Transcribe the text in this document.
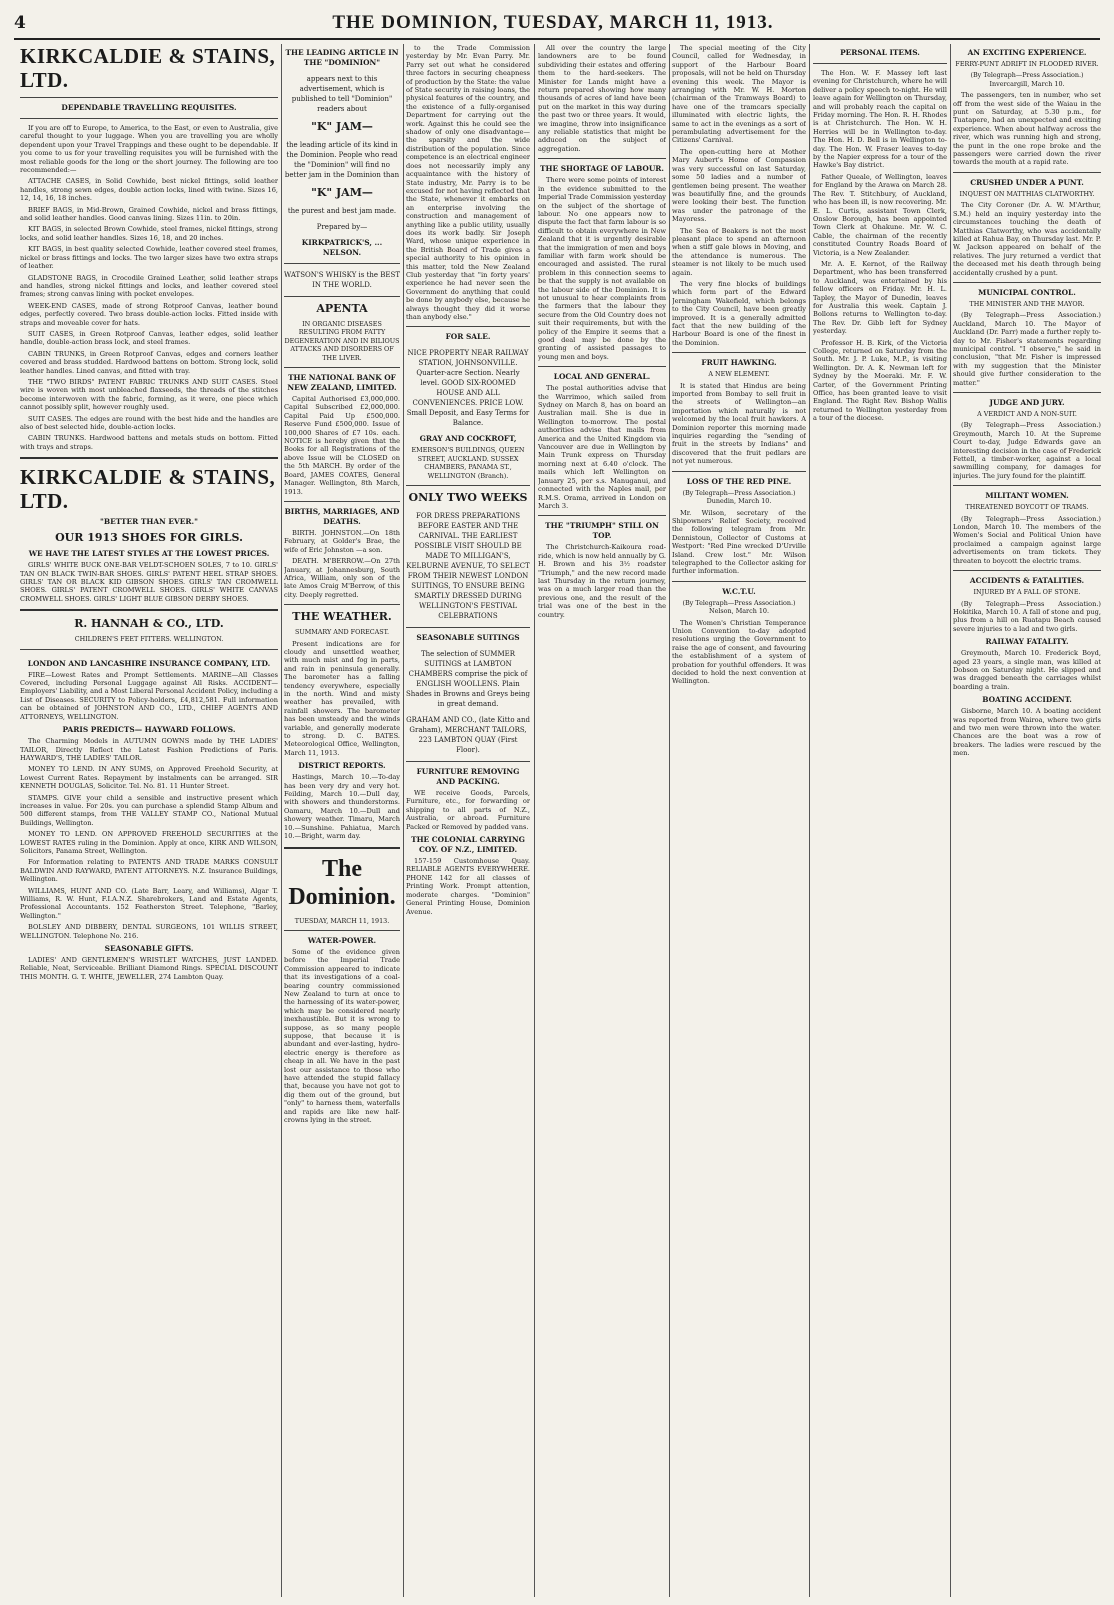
4	THE DOMINION, TUESDAY, MARCH 11, 1913.
KIRKCALDIE & STAINS, LTD.
DEPENDABLE TRAVELLING REQUISITES.

If you are off to Europe, to America, to the East, or even to Australia, give careful thought to your luggage. When you are travelling you are wholly dependent upon your Travel Trappings and these ought to be dependable. If you come to us for your travelling requisites you will be furnished with the most reliable goods for the long or the short journey. The following are too recommended:—

ATTACHE CASES, in Solid Cowhide, best nickel fittings, solid leather handles, strong sewn edges, double action locks, lined with twine. Sizes 16, 12, 14, 16, 18 inches.

BRIEF BAGS, in Mid-Brown, Grained Cowhide, nickel and brass fittings, and solid leather handles. Good canvas lining. Sizes 11in. to 20in.

KIT BAGS, in selected Brown Cowhide, steel frames, nickel fittings, strong locks, and solid leather handles. Sizes 16, 18, and 20 inches.

KIT BAGS, in best quality selected Cowhide, leather covered steel frames, nickel or brass fittings and locks. The two larger sizes have two extra straps of leather.

GLADSTONE BAGS, in Crocodile Grained Leather, solid leather straps and handles, strong nickel fittings and locks, and leather covered steel frames; strong canvas lining with pocket envelopes.

WEEK-END CASES, made of strong Rotproof Canvas, leather bound edges, perfectly covered. Two brass double-action locks. Fitted inside with straps and moveable cover for hats.

SUIT CASES, in Green Rotproof Canvas, leather edges, solid leather handle, double-action brass lock, and steel frames.

CABIN TRUNKS, in Green Rotproof Canvas, edges and corners leather covered and brass studded. Hardwood battens on bottom. Strong lock, solid leather handles. Lined canvas, and fitted with tray.

THE "TWO BIRDS" PATENT FABRIC TRUNKS AND SUIT CASES. Steel wire is woven with most unbleached flaxseeds, the threads of the stitches become interwoven with the fabric, forming, as it were, one piece which cannot possibly split, however roughly used.

SUIT CASES. The edges are round with the best hide and the handles are also of best selected hide, double-action locks.

CABIN TRUNKS. Hardwood battens and metals studs on bottom. Fitted with trays and straps.

KIRKCALDIE & STAINS, LTD.
"BETTER THAN EVER."
OUR 1913 SHOES FOR GIRLS.
WE HAVE THE LATEST STYLES AT THE LOWEST PRICES.

GIRLS' WHITE BUCK ONE-BAR VELDT-SCHOEN SOLES, 7 to 10. GIRLS' TAN ON BLACK TWIN-BAR SHOES. GIRLS' PATENT HEEL STRAP SHOES. GIRLS' TAN OR BLACK KID GIBSON SHOES. GIRLS' TAN CROMWELL SHOES. GIRLS' PATENT CROMWELL SHOES. GIRLS' WHITE CANVAS CROMWELL SHOES. GIRLS' LIGHT BLUE GIBSON DERBY SHOES.

R. HANNAH & CO., LTD.
CHILDREN'S FEET FITTERS. WELLINGTON.
LONDON AND LANCASHIRE INSURANCE COMPANY, LTD.

FIRE—Lowest Rates and Prompt Settlements. MARINE—All Classes Covered, including Personal Luggage against All Risks. ACCIDENT—Employers' Liability, and a Most Liberal Personal Accident Policy, including a List of Diseases. SECURITY to Policy-holders, £4,812,581. Full information can be obtained of JOHNSTON AND CO., LTD., CHIEF AGENTS AND ATTORNEYS, WELLINGTON.

PARIS PREDICTS— HAYWARD FOLLOWS.

The Charming Models in AUTUMN GOWNS made by THE LADIES' TAILOR, Directly Reflect the Latest Fashion Predictions of Paris. HAYWARD'S, THE LADIES' TAILOR.

MONEY TO LEND. IN ANY SUMS, on Approved Freehold Security, at Lowest Current Rates. Repayment by instalments can be arranged. SIR KENNETH DOUGLAS, Solicitor. Tel. No. 81. 11 Hunter Street.

STAMPS. GIVE your child a sensible and instructive present which increases in value. For 20s. you can purchase a splendid Stamp Album and 500 different stamps, from THE VALLEY STAMP CO., National Mutual Buildings, Wellington.

MONEY TO LEND. ON APPROVED FREEHOLD SECURITIES at the LOWEST RATES ruling in the Dominion. Apply at once, KIRK AND WILSON, Solicitors, Panama Street, Wellington.

For Information relating to PATENTS AND TRADE MARKS CONSULT BALDWIN AND RAYWARD, PATENT ATTORNEYS. N.Z. Insurance Buildings, Wellington.

WILLIAMS, HUNT AND CO. (Late Barr, Leary, and Williams), Algar T. Williams, R. W. Hunt, F.I.A.N.Z. Sharebrokers, Land and Estate Agents, Professional Accountants. 152 Featherston Street. Telephone, "Barley, Wellington."

BOLSLEY AND DIBBERY, DENTAL SURGEONS, 101 WILLIS STREET, WELLINGTON. Telephone No. 216.

SEASONABLE GIFTS.

LADIES' AND GENTLEMEN'S WRISTLET WATCHES, JUST LANDED. Reliable, Neat, Serviceable. Brilliant Diamond Rings. SPECIAL DISCOUNT THIS MONTH. G. T. WHITE, JEWELLER, 274 Lambton Quay.

THE LEADING ARTICLE IN THE "DOMINION"
appears next to this advertisement, which is published to tell "Dominion" readers about
"K" JAM—
the leading article of its kind in the Dominion. People who read the "Dominion" will find no better jam in the Dominion than
"K" JAM—
the purest and best jam made.
Prepared by—
KIRKPATRICK'S, ... NELSON.
WATSON'S WHISKY is the BEST IN THE WORLD.
APENTA
IN ORGANIC DISEASES RESULTING FROM FATTY DEGENERATION AND IN BILIOUS ATTACKS AND DISORDERS OF THE LIVER.
THE NATIONAL BANK OF NEW ZEALAND, LIMITED.

Capital Authorised £3,000,000. Capital Subscribed £2,000,000. Capital Paid Up £500,000. Reserve Fund £500,000. Issue of 100,000 Shares of £7 10s. each. NOTICE is hereby given that the Books for all Registrations of the above Issue will be CLOSED on the 5th MARCH. By order of the Board, JAMES COATES, General Manager. Wellington, 8th March, 1913.

BIRTHS, MARRIAGES, AND DEATHS.

BIRTH. JOHNSTON.—On 18th February, at Golder's Brae, the wife of Eric Johnston —a son.

DEATH. M'BERROW.—On 27th January, at Johannesburg, South Africa, William, only son of the late Amos Craig M'Berrow, of this city. Deeply regretted.

THE WEATHER.
SUMMARY AND FORECAST.

Present indications are for cloudy and unsettled weather, with much mist and fog in parts, and rain in peninsula generally. The barometer has a falling tendency everywhere, especially in the north. Wind and misty weather has prevailed, with rainfall showers. The barometer has been unsteady and the winds variable, and generally moderate to strong. D. C. BATES. Meteorological Office, Wellington, March 11, 1913.

DISTRICT REPORTS.

Hastings, March 10.—To-day has been very dry and very hot. Feilding, March 10.—Dull day, with showers and thunderstorms. Oamaru, March 10.—Dull and showery weather. Timaru, March 10.—Sunshine. Pahiatua, March 10.—Bright, warm day.

The Dominion.
TUESDAY, MARCH 11, 1913.
WATER-POWER.

Some of the evidence given before the Imperial Trade Commission appeared to indicate that its investigations of a coal-bearing country commissioned New Zealand to turn at once to the harnessing of its water-power, which may be considered nearly inexhaustible. But it is wrong to suppose, as so many people suppose, that because it is abundant and ever-lasting, hydro-electric energy is therefore as cheap in all. We have in the past lost our assistance to those who have attended the stupid fallacy that, because you have not got to dig them out of the ground, but "only" to harness them, waterfalls and rapids are like new half-crowns lying in the street.

to the Trade Commission yesterday by Mr. Evan Parry. Mr. Parry set out what he considered three factors in securing cheapness of production by the State: the value of State security in raising loans, the physical features of the country, and the existence of a fully-organised Department for carrying out the work. Against this he could see the shadow of only one disadvantage—the sparsity and the wide distribution of the population. Since competence is an electrical engineer does not necessarily imply any acquaintance with the history of State industry, Mr. Parry is to be excused for not having reflected that the State, whenever it embarks on an enterprise involving the construction and management of anything like a public utility, usually does its work badly. Sir Joseph Ward, whose unique experience in the British Board of Trade gives a special authority to his opinion in this matter, told the New Zealand Club yesterday that "in forty years' experience he had never seen the Government do anything that could be done by anybody else, because he always thought they did it worse than anybody else."

FOR SALE.
NICE PROPERTY NEAR RAILWAY STATION, JOHNSONVILLE. Quarter-acre Section. Nearly level. GOOD SIX-ROOMED HOUSE AND ALL CONVENIENCES. PRICE LOW. Small Deposit, and Easy Terms for Balance.
GRAY AND COCKROFT,
EMERSON'S BUILDINGS, QUEEN STREET, AUCKLAND. SUSSEX CHAMBERS, PANAMA ST., WELLINGTON (Branch).
ONLY TWO WEEKS
FOR DRESS PREPARATIONS BEFORE EASTER AND THE CARNIVAL. THE EARLIEST POSSIBLE VISIT SHOULD BE MADE TO MILLIGAN'S, KELBURNE AVENUE, TO SELECT FROM THEIR NEWEST LONDON SUITINGS, TO ENSURE BEING SMARTLY DRESSED DURING WELLINGTON'S FESTIVAL CELEBRATIONS
SEASONABLE SUITINGS
The selection of SUMMER SUITINGS at LAMBTON CHAMBERS comprise the pick of ENGLISH WOOLLENS. Plain Shades in Browns and Greys being in great demand.
GRAHAM AND CO., (late Kitto and Graham), MERCHANT TAILORS, 223 LAMBTON QUAY (First Floor).
FURNITURE REMOVING AND PACKING.

WE receive Goods, Parcels, Furniture, etc., for forwarding or shipping to all parts of N.Z., Australia, or abroad. Furniture Packed or Removed by padded vans.

THE COLONIAL CARRYING COY. OF N.Z., LIMITED.

157-159 Customhouse Quay. RELIABLE AGENTS EVERYWHERE. PHONE 142 for all classes of Printing Work. Prompt attention, moderate charges. "Dominion" General Printing House, Dominion Avenue.

All over the country the large landowners are to be found subdividing their estates and offering them to the hard-seekers. The Minister for Lands might have a return prepared showing how many thousands of acres of land have been put on the market in this way during the past two or three years. It would, we imagine, throw into insignificance any reliable statistics that might be adduced on the subject of aggregation.

THE SHORTAGE OF LABOUR.

There were some points of interest in the evidence submitted to the Imperial Trade Commission yesterday on the subject of the shortage of labour. No one appears now to dispute the fact that farm labour is so difficult to obtain everywhere in New Zealand that it is urgently desirable that the immigration of men and boys familiar with farm work should be encouraged and assisted. The rural problem in this connection seems to be that the supply is not available on the labour side of the Dominion. It is not unusual to hear complaints from the farmers that the labour they secure from the Old Country does not suit their requirements, but with the policy of the Empire it seems that a good deal may be done by the granting of assisted passages to young men and boys.

LOCAL AND GENERAL.

The postal authorities advise that the Warrimoo, which sailed from Sydney on March 8, has on board an Australian mail. She is due in Wellington to-morrow. The postal authorities advise that mails from America and the United Kingdom via Vancouver are due in Wellington by Main Trunk express on Thursday morning next at 6.40 o'clock. The mails which left Wellington on January 25, per s.s. Manuganui, and connected with the Naples mail, per R.M.S. Orama, arrived in London on March 3.

THE "TRIUMPH" STILL ON TOP.

The Christchurch-Kaikoura road-ride, which is now held annually by G. H. Brown and his 3½ roadster "Triumph," and the new record made last Thursday in the return journey, was on a much larger road than the previous one, and the result of the trial was one of the best in the country.

The special meeting of the City Council, called for Wednesday, in support of the Harbour Board proposals, will not be held on Thursday evening this week. The Mayor is arranging with Mr. W. H. Morton (chairman of the Tramways Board) to have one of the tramcars specially illuminated with electric lights, the same to act in the evenings as a sort of perambulating advertisement for the Citizens' Carnival.

The open-cutting here at Mother Mary Aubert's Home of Compassion was very successful on last Saturday, some 50 ladies and a number of gentlemen being present. The weather was beautifully fine, and the grounds were looking their best. The function was under the patronage of the Mayoress.

The Sea of Beakers is not the most pleasant place to spend an afternoon when a stiff gale blows in Moving, and the attendance is numerous. The steamer is not likely to be much used again.

The very fine blocks of buildings which form part of the Edward Jerningham Wakefield, which belongs to the City Council, have been greatly improved. It is a generally admitted fact that the new building of the Harbour Board is one of the finest in the Dominion.

FRUIT HAWKING.
A NEW ELEMENT.

It is stated that Hindus are being imported from Bombay to sell fruit in the streets of Wellington—an importation which naturally is not welcomed by the local fruit hawkers. A Dominion reporter this morning made inquiries regarding the "sending of fruit in the streets by Indians" and discovered that the fruit pedlars are not yet numerous.

LOSS OF THE RED PINE.
(By Telegraph—Press Association.) Dunedin, March 10.

Mr. Wilson, secretary of the Shipowners' Relief Society, received the following telegram from Mr. Dennistoun, Collector of Customs at Westport: "Red Pine wrecked D'Urville Island. Crew lost." Mr. Wilson telegraphed to the Collector asking for further information.

W.C.T.U.
(By Telegraph—Press Association.) Nelson, March 10.

The Women's Christian Temperance Union Convention to-day adopted resolutions urging the Government to raise the age of consent, and favouring the establishment of a system of probation for youthful offenders. It was decided to hold the next convention at Wellington.

PERSONAL ITEMS.

The Hon. W. F. Massey left last evening for Christchurch, where he will deliver a policy speech to-night. He will leave again for Wellington on Thursday, and will probably reach the capital on Friday morning. The Hon. R. H. Rhodes is at Christchurch. The Hon. W. H. Herries will be in Wellington to-day. The Hon. H. D. Bell is in Wellington to-day. The Hon. W. Fraser leaves to-day by the Napier express for a tour of the Hawke's Bay district.

Father Queale, of Wellington, leaves for England by the Arawa on March 28. The Rev. T. Stitchbury, of Auckland, who has been ill, is now recovering. Mr. E. L. Curtis, assistant Town Clerk, Onslow Borough, has been appointed Town Clerk at Ohakune. Mr. W. C. Cable, the chairman of the recently constituted Country Roads Board of Victoria, is a New Zealander.

Mr. A. E. Kernot, of the Railway Department, who has been transferred to Auckland, was entertained by his fellow officers on Friday. Mr. H. L. Tapley, the Mayor of Dunedin, leaves for Australia this week. Captain J. Bollons returns to Wellington to-day. The Rev. Dr. Gibb left for Sydney yesterday.

Professor H. B. Kirk, of the Victoria College, returned on Saturday from the South. Mr. J. P. Luke, M.P., is visiting Wellington. Dr. A. K. Newman left for Sydney by the Moeraki. Mr. F. W. Carter, of the Government Printing Office, has been granted leave to visit England. The Right Rev. Bishop Wallis returned to Wellington yesterday from a tour of the diocese.

AN EXCITING EXPERIENCE.
FERRY-PUNT ADRIFT IN FLOODED RIVER.
(By Telegraph—Press Association.) Invercargill, March 10.

The passengers, ten in number, who set off from the west side of the Waiau in the punt on Saturday, at 5.30 p.m., for Tuatapere, had an unexpected and exciting experience. When about halfway across the river, which was running high and strong, the punt in the one rope broke and the passengers were carried down the river towards the mouth at a rapid rate.

CRUSHED UNDER A PUNT.
INQUEST ON MATTHIAS CLATWORTHY.

The City Coroner (Dr. A. W. M'Arthur, S.M.) held an inquiry yesterday into the circumstances touching the death of Matthias Clatworthy, who was accidentally killed at Rahua Bay, on Thursday last. Mr. P. W. Jackson appeared on behalf of the relatives. The jury returned a verdict that the deceased met his death through being accidentally crushed by a punt.

MUNICIPAL CONTROL.
THE MINISTER AND THE MAYOR.

(By Telegraph—Press Association.) Auckland, March 10. The Mayor of Auckland (Dr. Parr) made a further reply to-day to Mr. Fisher's statements regarding municipal control. "I observe," he said in conclusion, "that Mr. Fisher is impressed with my suggestion that the Minister should give further consideration to the matter."

JUDGE AND JURY.
A VERDICT AND A NON-SUIT.

(By Telegraph—Press Association.) Greymouth, March 10. At the Supreme Court to-day, Judge Edwards gave an interesting decision in the case of Frederick Fettell, a timber-worker, against a local sawmilling company, for damages for injuries. The jury found for the plaintiff.

MILITANT WOMEN.
THREATENED BOYCOTT OF TRAMS.

(By Telegraph—Press Association.) London, March 10. The members of the Women's Social and Political Union have proclaimed a campaign against large advertisements on tram tickets. They threaten to boycott the electric trams.

ACCIDENTS & FATALITIES.
INJURED BY A FALL OF STONE.

(By Telegraph—Press Association.) Hokitika, March 10. A fall of stone and pug, plus from a hill on Ruatapu Beach caused severe injuries to a lad and two girls.

RAILWAY FATALITY.

Greymouth, March 10. Frederick Boyd, aged 23 years, a single man, was killed at Dobson on Saturday night. He slipped and was dragged beneath the carriages whilst boarding a train.

BOATING ACCIDENT.

Gisborne, March 10. A boating accident was reported from Wairoa, where two girls and two men were thrown into the water. Chances are the boat was a row of breakers. The ladies were rescued by the men.
